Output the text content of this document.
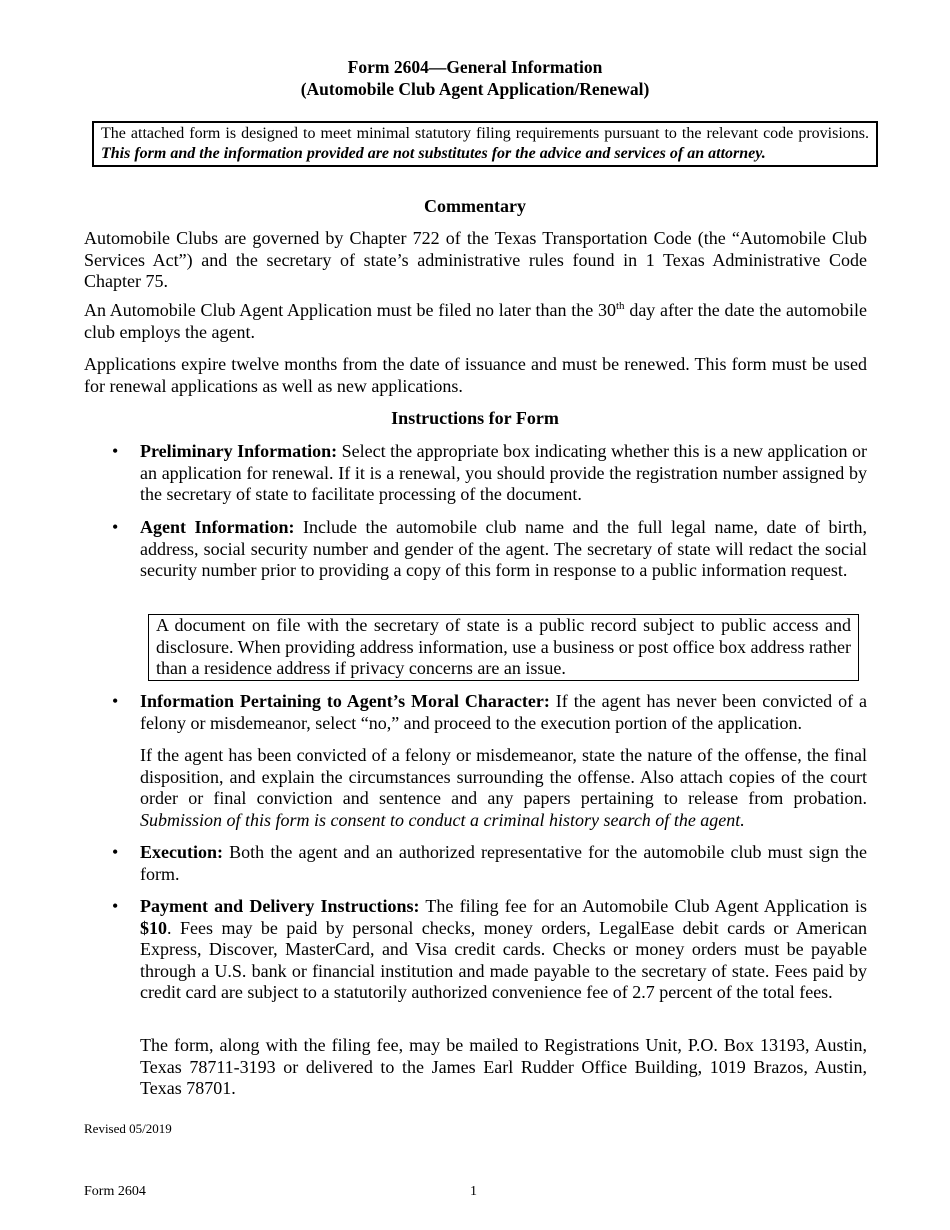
Form 2604—General Information
(Automobile Club Agent Application/Renewal)
The attached form is designed to meet minimal statutory filing requirements pursuant to the relevant code provisions. This form and the information provided are not substitutes for the advice and services of an attorney.
Commentary
Automobile Clubs are governed by Chapter 722 of the Texas Transportation Code (the “Automobile Club Services Act”) and the secretary of state’s administrative rules found in 1 Texas Administrative Code Chapter 75.
An Automobile Club Agent Application must be filed no later than the 30th day after the date the automobile club employs the agent.
Applications expire twelve months from the date of issuance and must be renewed. This form must be used for renewal applications as well as new applications.
Instructions for Form
• Preliminary Information: Select the appropriate box indicating whether this is a new application or an application for renewal. If it is a renewal, you should provide the registration number assigned by the secretary of state to facilitate processing of the document.
• Agent Information: Include the automobile club name and the full legal name, date of birth, address, social security number and gender of the agent. The secretary of state will redact the social security number prior to providing a copy of this form in response to a public information request.
A document on file with the secretary of state is a public record subject to public access and disclosure. When providing address information, use a business or post office box address rather than a residence address if privacy concerns are an issue.
• Information Pertaining to Agent’s Moral Character: If the agent has never been convicted of a felony or misdemeanor, select “no,” and proceed to the execution portion of the application.
If the agent has been convicted of a felony or misdemeanor, state the nature of the offense, the final disposition, and explain the circumstances surrounding the offense. Also attach copies of the court order or final conviction and sentence and any papers pertaining to release from probation. Submission of this form is consent to conduct a criminal history search of the agent.
• Execution: Both the agent and an authorized representative for the automobile club must sign the form.
• Payment and Delivery Instructions: The filing fee for an Automobile Club Agent Application is $10. Fees may be paid by personal checks, money orders, LegalEase debit cards or American Express, Discover, MasterCard, and Visa credit cards. Checks or money orders must be payable through a U.S. bank or financial institution and made payable to the secretary of state. Fees paid by credit card are subject to a statutorily authorized convenience fee of 2.7 percent of the total fees.
The form, along with the filing fee, may be mailed to Registrations Unit, P.O. Box 13193, Austin, Texas 78711-3193 or delivered to the James Earl Rudder Office Building, 1019 Brazos, Austin, Texas 78701.
Revised 05/2019
Form 2604	1
